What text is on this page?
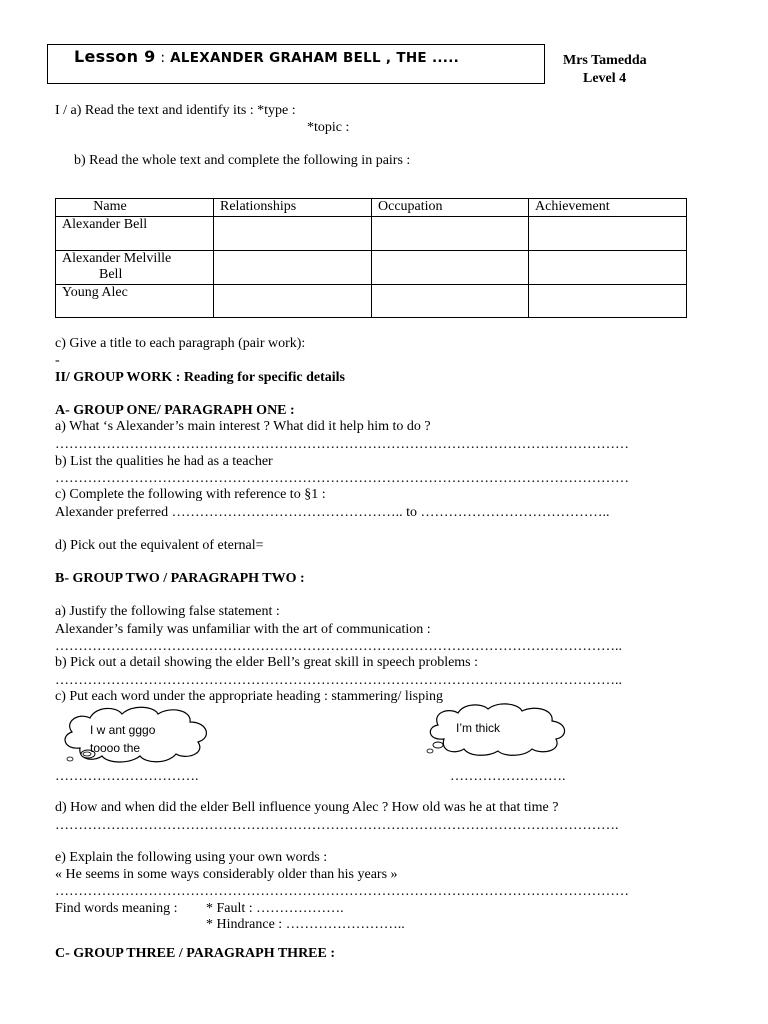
Lesson 9 : ALEXANDER GRAHAM BELL , THE .....	Mrs Tamedda
Level 4
I / a) Read the text and identify its : *type :
*topic :
b) Read the whole text and complete the following in pairs :
Name	Relationships	Occupation	Achievement
Alexander Bell			
Alexander Melville
Bell			

Young Alec			
c) Give a title to each paragraph (pair work):
-
II/ GROUP WORK : Reading for specific details
A- GROUP ONE/ PARAGRAPH ONE :
a) What ‘s Alexander’s main interest ? What did it help him to do ?
……………………………………………………………………………………………………………
b) List the qualities he had as a teacher
……………………………………………………………………………………………………………
c) Complete the following with reference to §1 :
Alexander preferred ………………………………………….. to …………………………………..
d) Pick out the equivalent of eternal=
B- GROUP TWO / PARAGRAPH TWO :
a) Justify the following false statement :
Alexander’s family was unfamiliar with the art of communication :
…………………………………………………………………………………………………………..
b) Pick out a detail showing the elder Bell’s great skill in speech problems :
…………………………………………………………………………………………………………..
c) Put each word under the appropriate heading : stammering/ lisping
I w ant gggo
toooo the
I’m thick
………………………….	…………………….
d) How and when did the elder Bell influence young Alec ? How old was he at that time ?
………………………………………………………………………………………………………….
e) Explain the following using your own words :
« He seems in some ways considerably older than his years »
……………………………………………………………………………………………………………
Find words meaning : * Fault : ……………….
* Hindrance : ……………………..
C- GROUP THREE / PARAGRAPH THREE :
